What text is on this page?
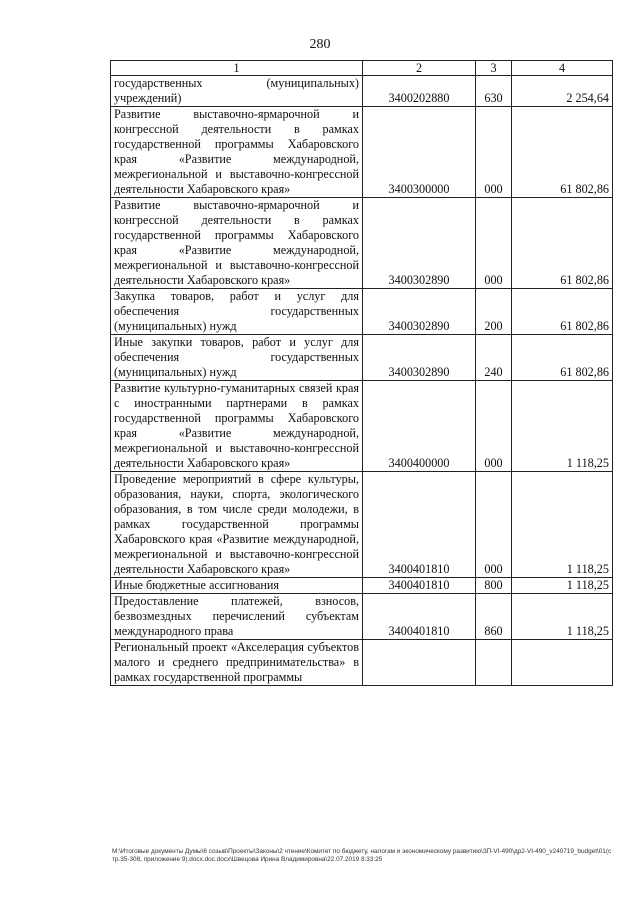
280
1	2	3	4
государственных (муниципальных) учреждений)	3400202880	630	2 254,64
Развитие выставочно-ярмарочной и конгрессной деятельности в рамках государственной программы Хабаровского края «Развитие международной, межрегиональной и выставочно-конгрессной деятельности Хабаровского края»	3400300000	000	61 802,86
Развитие выставочно-ярмарочной и конгрессной деятельности в рамках государственной программы Хабаровского края «Развитие международной, межрегиональной и выставочно-конгрессной деятельности Хабаровского края»	3400302890	000	61 802,86
Закупка товаров, работ и услуг для обеспечения государственных (муниципальных) нужд	3400302890	200	61 802,86
Иные закупки товаров, работ и услуг для обеспечения государственных (муниципальных) нужд	3400302890	240	61 802,86
Развитие культурно-гуманитарных связей края с иностранными партнерами в рамках государственной программы Хабаровского края «Развитие международной, межрегиональной и выставочно-конгрессной деятельности Хабаровского края»	3400400000	000	1 118,25
Проведение мероприятий в сфере культуры, образования, науки, спорта, экологического образования, в том числе среди молодежи, в рамках государственной программы Хабаровского края «Развитие международной, межрегиональной и выставочно-конгрессной деятельности Хабаровского края»	3400401810	000	1 118,25
Иные бюджетные ассигнования	3400401810	800	1 118,25
Предоставление платежей, взносов, безвозмездных перечислений субъектам международного права	3400401810	860	1 118,25
Региональный проект «Акселерация субъектов малого и среднего предпринимательства» в рамках государственной программы			
M:\Итоговые документы Думы\6 созыв\Проекты\Законы\2 чтение\Комитет по бюджету, налогам и экономическому развитию\ЗП-VI-490\др2-VI-490_v240719_budget\01(стр.35-308, приложение 9).docx.doc.docx\Швецова Ирина Владимировна\22.07.2019 8:33:25
